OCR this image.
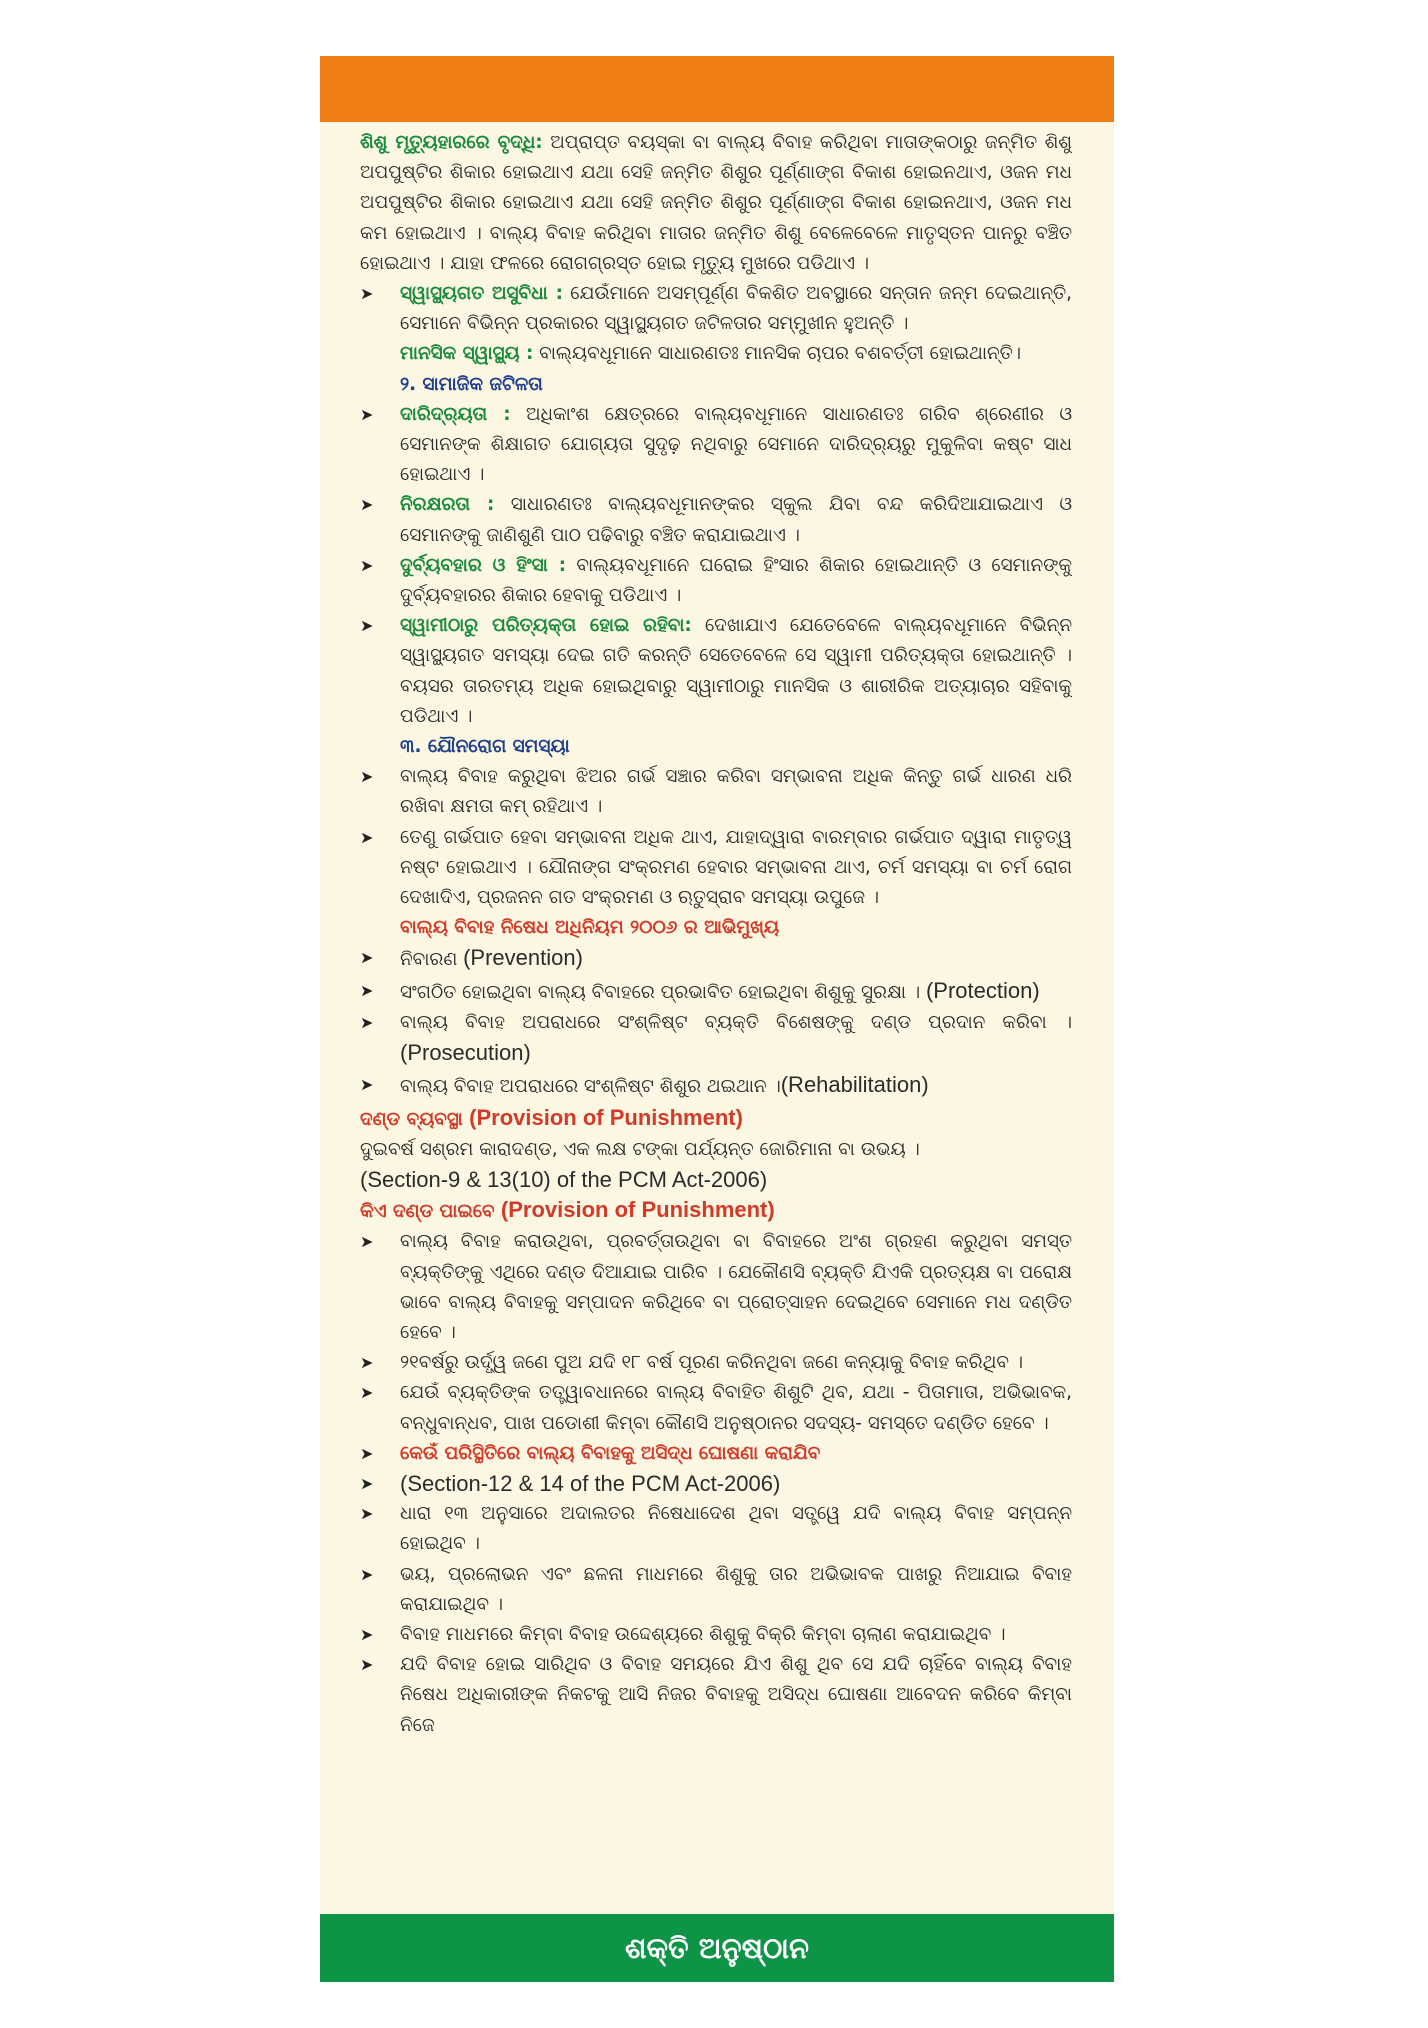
ଶିଶୁ ମୃତ୍ୟୁହାରରେ ବୃଦ୍ଧି: ଅପ୍ରାପ୍ତ ବୟସ୍କା ବା ବାଲ୍ୟ ବିବାହ କରିଥିବା ମାତାଙ୍କଠାରୁ ଜନ୍ମିତ ଶିଶୁ ଅପପୁଷ୍ଟିର ଶିକାର ହୋଇଥାଏ ଯଥା ସେହି ଜନ୍ମିତ ଶିଶୁର ପୂର୍ଣ୍ଣାଙ୍ଗ ବିକାଶ ହୋଇନଥାଏ, ଓଜନ ମଧ ଅପପୁଷ୍ଟିର ଶିକାର ହୋଇଥାଏ ଯଥା ସେହି ଜନ୍ମିତ ଶିଶୁର ପୂର୍ଣ୍ଣାଙ୍ଗ ବିକାଶ ହୋଇନଥାଏ, ଓଜନ ମଧ କମ ହୋଇଥାଏ । ବାଲ୍ୟ ବିବାହ କରିଥିବା ମାତାର ଜନ୍ମିତ ଶିଶୁ ବେଳେବେଳେ ମାତୃସ୍ତନ ପାନରୁ ବଞ୍ଚିତ ହୋଇଥାଏ । ଯାହା ଫଳରେ ରୋଗଗ୍ରସ୍ତ ହୋଇ ମୃତ୍ୟୁ ମୁଖରେ ପଡିଥାଏ ।

➤	ସ୍ୱାସ୍ଥ୍ୟଗତ ଅସୁବିଧା : ଯେଉଁମାନେ ଅସମ୍ପୂର୍ଣ୍ଣ ବିକଶିତ ଅବସ୍ଥାରେ ସନ୍ତାନ ଜନ୍ମ ଦେଇଥାନ୍ତି, ସେମାନେ ବିଭିନ୍ନ ପ୍ରକାରର ସ୍ୱାସ୍ଥ୍ୟଗତ ଜଟିଳତାର ସମ୍ମୁଖୀନ ହୁଅନ୍ତି ।

ମାନସିକ ସ୍ୱାସ୍ଥ୍ୟ : ବାଲ୍ୟବଧୂମାନେ ସାଧାରଣତଃ ମାନସିକ ଚାପର ବଶବର୍ତ୍ତୀ ହୋଇଥାନ୍ତି।

୨. ସାମାଜିକ ଜଟିଳତା

➤	ଦାରିଦ୍ର୍ୟତା : ଅଧିକାଂଶ କ୍ଷେତ୍ରରେ ବାଲ୍ୟବଧୂମାନେ ସାଧାରଣତଃ ଗରିବ ଶ୍ରେଣୀର ଓ ସେମାନଙ୍କ ଶିକ୍ଷାଗତ ଯୋଗ୍ୟତା ସୁଦୃଢ଼ ନଥିବାରୁ ସେମାନେ ଦାରିଦ୍ର୍ୟରୁ ମୁକୁଳିବା କଷ୍ଟ ସାଧ ହୋଇଥାଏ ।
➤	ନିରକ୍ଷରତା : ସାଧାରଣତଃ ବାଲ୍ୟବଧୂମାନଙ୍କର ସ୍କୁଲ ଯିବା ବନ୍ଦ କରିଦିଆଯାଇଥାଏ ଓ ସେମାନଙ୍କୁ ଜାଣିଶୁଣି ପାଠ ପଢିବାରୁ ବଞ୍ଚିତ କରାଯାଇଥାଏ ।
➤	ଦୁର୍ବ୍ୟବହାର ଓ ହିଂସା : ବାଲ୍ୟବଧୂମାନେ ଘରୋଇ ହିଂସାର ଶିକାର ହୋଇଥାନ୍ତି ଓ ସେମାନଙ୍କୁ ଦୁର୍ବ୍ୟବହାରର ଶିକାର ହେବାକୁ ପଡିଥାଏ ।
➤	ସ୍ୱାମୀଠାରୁ ପରିତ୍ୟକ୍ତା ହୋଇ ରହିବା: ଦେଖାଯାଏ ଯେତେବେଳେ ବାଲ୍ୟବଧୂମାନେ ବିଭିନ୍ନ ସ୍ୱାସ୍ଥ୍ୟଗତ ସମସ୍ୟା ଦେଇ ଗତି କରନ୍ତି ସେତେବେଳେ ସେ ସ୍ୱାମୀ ପରିତ୍ୟକ୍ତା ହୋଇଥାନ୍ତି । ବୟସର ତାରତମ୍ୟ ଅଧିକ ହୋଇଥିବାରୁ ସ୍ୱାମୀଠାରୁ ମାନସିକ ଓ ଶାରୀରିକ ଅତ୍ୟାଚାର ସହିବାକୁ ପଡିଥାଏ ।

୩. ଯୌନରୋଗ ସମସ୍ୟା

➤	ବାଲ୍ୟ ବିବାହ କରୁଥିବା ଝିଅର ଗର୍ଭ ସଞ୍ଚାର କରିବା ସମ୍ଭାବନା ଅଧିକ କିନ୍ତୁ ଗର୍ଭ ଧାରଣ ଧରି ରଖିବା କ୍ଷମତା କମ୍ ରହିଥାଏ ।
➤	ତେଣୁ ଗର୍ଭପାତ ହେବା ସମ୍ଭାବନା ଅଧିକ ଥାଏ, ଯାହାଦ୍ୱାରା ବାରମ୍ବାର ଗର୍ଭପାତ ଦ୍ୱାରା ମାତୃତ୍ୱ ନଷ୍ଟ ହୋଇଥାଏ । ଯୌନାଙ୍ଗ ସଂକ୍ରମଣ ହେବାର ସମ୍ଭାବନା ଥାଏ, ଚର୍ମ ସମସ୍ୟା ବା ଚର୍ମ ରୋଗ ଦେଖାଦିଏ, ପ୍ରଜନନ ଗତ ସଂକ୍ରମଣ ଓ ଋତୁସ୍ରାବ ସମସ୍ୟା ଉପୁଜେ ।

ବାଲ୍ୟ ବିବାହ ନିଷେଧ ଅଧିନିୟମ ୨୦୦୬ ର ଆଭିମୁଖ୍ୟ

➤	ନିବାରଣ (Prevention)
➤	ସଂଗଠିତ ହୋଇଥିବା ବାଲ୍ୟ ବିବାହରେ ପ୍ରଭାବିତ ହୋଇଥିବା ଶିଶୁକୁ ସୁରକ୍ଷା । (Protection)
➤	ବାଲ୍ୟ ବିବାହ ଅପରାଧରେ ସଂଶ୍ଳିଷ୍ଟ ବ୍ୟକ୍ତି ବିଶେଷଙ୍କୁ ଦଣ୍ଡ ପ୍ରଦାନ କରିବା । (Prosecution)
➤	ବାଲ୍ୟ ବିବାହ ଅପରାଧରେ ସଂଶ୍ଳିଷ୍ଟ ଶିଶୁର ଥଇଥାନ ।(Rehabilitation)

ଦଣ୍ଡ ବ୍ୟବସ୍ଥା (Provision of Punishment)

ଦୁଇବର୍ଷ ସଶ୍ରମ କାରାଦଣ୍ଡ, ଏକ ଲକ୍ଷ ଟଙ୍କା ପର୍ଯ୍ୟନ୍ତ ଜୋରିମାନା ବା ଉଭୟ ।

(Section-9 & 13(10) of the PCM Act-2006)

କିଏ ଦଣ୍ଡ ପାଇବେ (Provision of Punishment)

➤	ବାଲ୍ୟ ବିବାହ କରାଉଥିବା, ପ୍ରବର୍ତ୍ତାଉଥିବା ବା ବିବାହରେ ଅଂଶ ଗ୍ରହଣ କରୁଥିବା ସମସ୍ତ ବ୍ୟକ୍ତିଙ୍କୁ ଏଥିରେ ଦଣ୍ଡ ଦିଆଯାଇ ପାରିବ । ଯେକୌଣସି ବ୍ୟକ୍ତି ଯିଏକି ପ୍ରତ୍ୟକ୍ଷ ବା ପରୋକ୍ଷ ଭାବେ ବାଲ୍ୟ ବିବାହକୁ ସମ୍ପାଦନ କରିଥିବେ ବା ପ୍ରୋତ୍ସାହନ ଦେଇଥିବେ ସେମାନେ ମଧ ଦଣ୍ଡିତ ହେବେ ।
➤	୨୧ବର୍ଷରୁ ଉର୍ଦ୍ଧ୍ୱ ଜଣେ ପୁଅ ଯଦି ୧୮ ବର୍ଷ ପୂରଣ କରିନଥିବା ଜଣେ କନ୍ୟାକୁ ବିବାହ କରିଥିବ ।
➤	ଯେଉଁ ବ୍ୟକ୍ତିଙ୍କ ତତ୍ତ୍ୱାବଧାନରେ ବାଲ୍ୟ ବିବାହିତ ଶିଶୁଟି ଥିବ, ଯଥା - ପିତାମାତା, ଅଭିଭାବକ, ବନ୍ଧୁବାନ୍ଧବ, ପାଖ ପଡୋଶୀ କିମ୍ବା କୌଣସି ଅନୁଷ୍ଠାନର ସଦସ୍ୟ- ସମସ୍ତେ ଦଣ୍ଡିତ ହେବେ ।
➤	କେଉଁ ପରିସ୍ଥିତିରେ ବାଲ୍ୟ ବିବାହକୁ ଅସିଦ୍ଧ ଘୋଷଣା କରାଯିବ
➤	(Section-12 & 14 of the PCM Act-2006)
➤	ଧାରା ୧୩ ଅନୁସାରେ ଅଦାଲତର ନିଷେଧାଦେଶ ଥିବା ସତ୍ତ୍ୱେ ଯଦି ବାଲ୍ୟ ବିବାହ ସମ୍ପନ୍ନ ହୋଇଥିବ ।
➤	ଭୟ, ପ୍ରଲୋଭନ ଏବଂ ଛଳନା ମାଧମରେ ଶିଶୁକୁ ତାର ଅଭିଭାବକ ପାଖରୁ ନିଆଯାଇ ବିବାହ କରାଯାଇଥିବ ।
➤	ବିବାହ ମାଧମରେ କିମ୍ବା ବିବାହ ଉଦ୍ଦେଶ୍ୟରେ ଶିଶୁକୁ ବିକ୍ରି କିମ୍ବା ଚାଲାଣ କରାଯାଇଥିବ ।
➤	ଯଦି ବିବାହ ହୋଇ ସାରିଥିବ ଓ ବିବାହ ସମୟରେ ଯିଏ ଶିଶୁ ଥିବ ସେ ଯଦି ଚାହିଁବେ ବାଲ୍ୟ ବିବାହ ନିଷେଧ ଅଧିକାରୀଙ୍କ ନିକଟକୁ ଆସି ନିଜର ବିବାହକୁ ଅସିଦ୍ଧ ଘୋଷଣା ଆବେଦନ କରିବେ କିମ୍ବା ନିଜେ
ଶକ୍ତି ଅନୁଷ୍ଠାନ
